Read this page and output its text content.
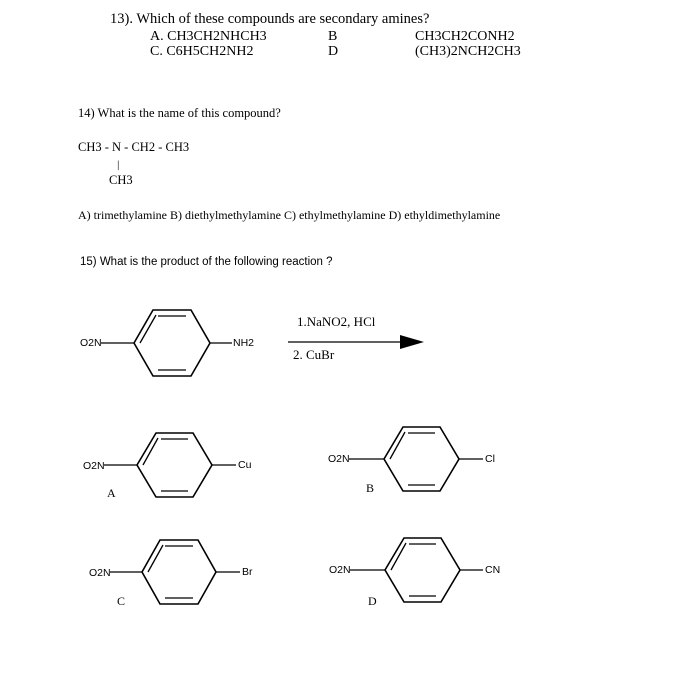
13). Which of these compounds are secondary amines?
A. CH3CH2NHCH3	B	CH3CH2CONH2
C. C6H5CH2NH2	D	(CH3)2NCH2CH3
14) What is the name of this compound?
CH3 - N - CH2 - CH3
|
CH3
A) trimethylamine B) diethylmethylamine C) ethylmethylamine D) ethyldimethylamine
15) What is the product of the following reaction ?
O2N	NH2
O2N	Cu	O2N	Cl
O2N	Br	O2N	CN
1.NaNO2, HCl
2. CuBr
A	B
C	D
